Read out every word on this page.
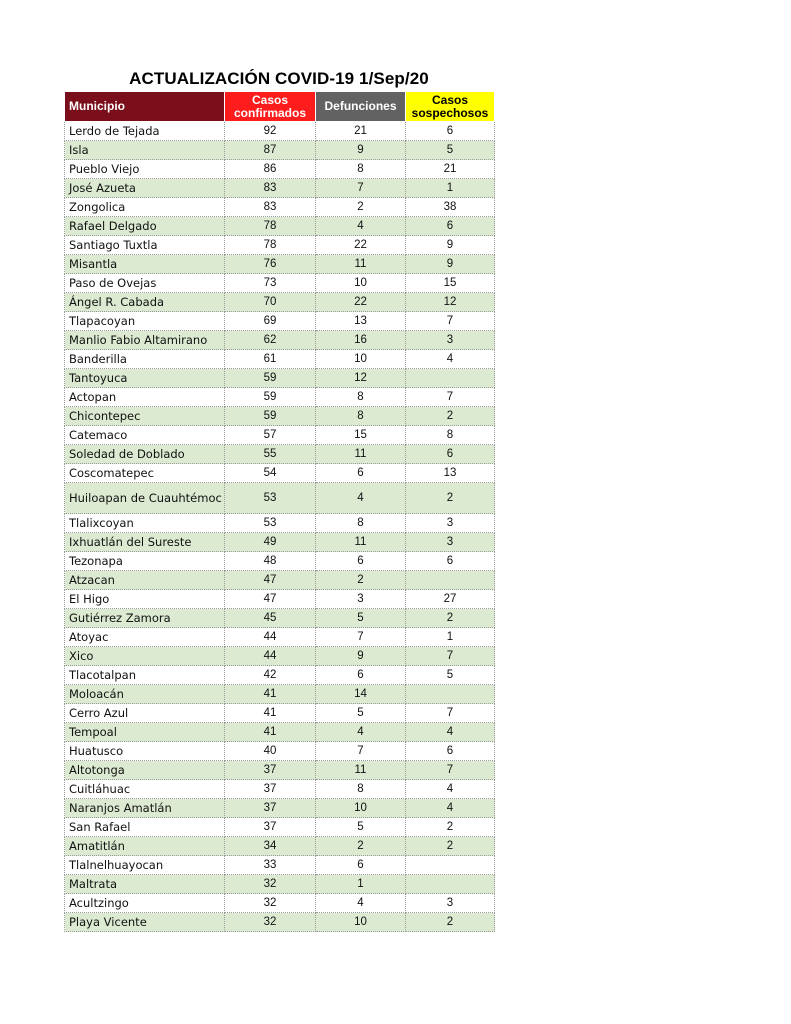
ACTUALIZACIÓN COVID-19 1/Sep/20
Municipio	Casos confirmados	Defunciones	Casos sospechosos
Lerdo de Tejada	92	21	6
Isla	87	9	5
Pueblo Viejo	86	8	21
José Azueta	83	7	1
Zongolica	83	2	38
Rafael Delgado	78	4	6
Santiago Tuxtla	78	22	9
Misantla	76	11	9
Paso de Ovejas	73	10	15
Ángel R. Cabada	70	22	12
Tlapacoyan	69	13	7
Manlio Fabio Altamirano	62	16	3
Banderilla	61	10	4
Tantoyuca	59	12	
Actopan	59	8	7
Chicontepec	59	8	2
Catemaco	57	15	8
Soledad de Doblado	55	11	6
Coscomatepec	54	6	13
Huiloapan de Cuauhtémoc	53	4	2
Tlalixcoyan	53	8	3
Ixhuatlán del Sureste	49	11	3
Tezonapa	48	6	6
Atzacan	47	2	
El Higo	47	3	27
Gutiérrez Zamora	45	5	2
Atoyac	44	7	1
Xico	44	9	7
Tlacotalpan	42	6	5
Moloacán	41	14	
Cerro Azul	41	5	7
Tempoal	41	4	4
Huatusco	40	7	6
Altotonga	37	11	7
Cuitláhuac	37	8	4
Naranjos Amatlán	37	10	4
San Rafael	37	5	2
Amatitlán	34	2	2
Tlalnelhuayocan	33	6	
Maltrata	32	1	
Acultzingo	32	4	3
Playa Vicente	32	10	2
